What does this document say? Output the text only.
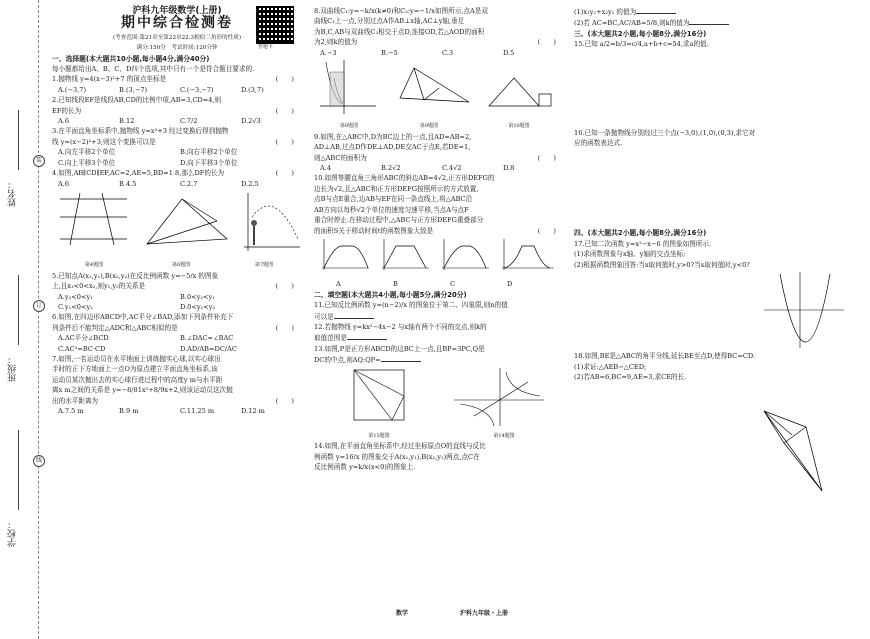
姓名：
班级：
学校：
装
订
线
答题卡
沪科九年级数学(上册)
期中综合检测卷
(考查范围:第21章至第22章22.3相似三角形的性质)
满分:150分　考试时间:120分钟
一、选择题(本大题共10小题,每小题4分,满分40分)
每小题都给出A、B、C、D四个选项,其中只有一个是符合题目要求的.
1.抛物线 y=4(x−3)²+7 的顶点坐标是	(　　)
A.(−3,7)	B.(3,−7)	C.(−3,−7)	D.(3,7)
2.已知线段EF是线段AB,CD的比例中项,AB=3,CD=4,则
EF的长为	(　　)
A.6	B.12	C.7/2	D.2√3
3.在平面直角坐标系中,抛物线 y=x²+3 经过变换后得到抛物
线 y=(x−2)²+3,则这个变换可以是	(　　)
A.向左平移2个单位	B.向右平移2个单位
C.向上平移3个单位	D.向下平移3个单位
4.如图,AB∥CD∥EF,AC=2,AE=5,BD=1.8,那么DF的长为	(　　)
A.6	B.4.5	C.2.7	D.2.5
第4题图	第6题图	第7题图
5.已知点A(x₁,y₁),B(x₂,y₂)在反比例函数 y=−5/x 的图象
上,且x₁<0<x₂,则y₁,y₂的关系是	(　　)
A.y₂<0<y₁	B.0<y₂<y₁
C.y₁<0<y₂	D.0<y₁<y₂
6.如图,在四边形ABCD中,AC平分∠BAD,添加下列条件补充下
列条件后不能判定△ADC和△ABC相似的是	(　　)
A.AC平分∠BCD	B.∠DAC=∠BAC
C.AC²=BC·CD	D.AD/AB=DC/AC
7.如图,一名运动员在水平地面上训练抛实心球,以实心球出
手时的正下方地面上一点O为原点建立平面直角坐标系,该
运动员某次抛出去的实心球行进过程中的高度y m与水平距
离x m之间的关系是 y=−8/81x²+8/9x+2,则该运动员这次抛
出的水平距离为	(　　)
A.7.5 m	B.9 m	C.11.25 m	D.12 m
8.双曲线C₁:y=−k/x(k≠0)和C₂:y=−1/x如图所示,点A是双
曲线C₁上一点,分别过点A作AB⊥x轴,AC⊥y轴,垂足
为B,C,AB与双曲线C₂相交于点D,连接OD,若△AOD的面积
为2,则k的值为	(　　)
A.−3	B.−5	C.3	D.5
第8题图	第9题图	第10题图
9.如图,在△ABC中,D为BC边上的一点,且AD=AB=2,
AD⊥AB,过点D作DE⊥AD,DE交AC于点E,若DE=1,
则△ABC的面积为	(　　)
A.4	B.2√2	C.4√2	D.8
10.如图等腰直角三角形ABC的斜边AB=4√2,正方形DEFG的
边长为√2,且△ABC和正方形DEFG按照所示的方式放置,
点B与点E重合,边AB与EF在同一条直线上,将△ABC沿
AB方向以每秒√2个单位的速度匀速平移,当点A与点F
重合时停止.在移动过程中,△ABC与正方形DEFG重叠部分
的面积S关于移动时间t的函数图象大致是	(　　)
A	B	C	D
二、填空题(本大题共4小题,每小题5分,满分20分)
11.已知反比例函数 y=(n−2)/x 的图象位于第二、四象限,则n的值
可以是
12.若抛物线 y=kx²−4x−2 与x轴有两个不同的交点,则k的
取值范围是
13.如图,P是正方形ABCD的边BC上一点,且BP=3PC,Q是
DC的中点,则AQ:QP=
第13题图	第14题图
14.如图,在平面直角坐标系中,经过坐标原点O的直线与反比
例函数 y=16/x 的图象交于A(x₁,y₁),B(x₂,y₂)两点,点C在
反比例函数 y=k/x(x<0)的图象上.
(1)x₁y₂+x₂y₁ 的值为
(2)若 AC=BC,AC/AB=5/8,则k的值为
三、(本大题共2小题,每小题8分,满分16分)
15.已知 a/2=b/3=c/4,a+b+c=54,求a的值.
16.已知一条抛物线分别经过三个点(−3,0),(1,0),(0,3),求它对
应的函数表达式.
四、(本大题共2小题,每小题8分,满分16分)
17.已知二次函数 y=x²−x−6 的图象如图所示.
(1)求函数图象与x轴、y轴的交点坐标;
(2)根据函数图象回答:当x取何值时,y>0?当x取何值时,y<0?
18.如图,BE是△ABC的角平分线,延长BE至点D,使得BC=CD.
(1)求证:△AEB∽△CED;
(2)若AB=6,BC=9,AE=3,求CE的长.
数学	沪科九年级・上册
